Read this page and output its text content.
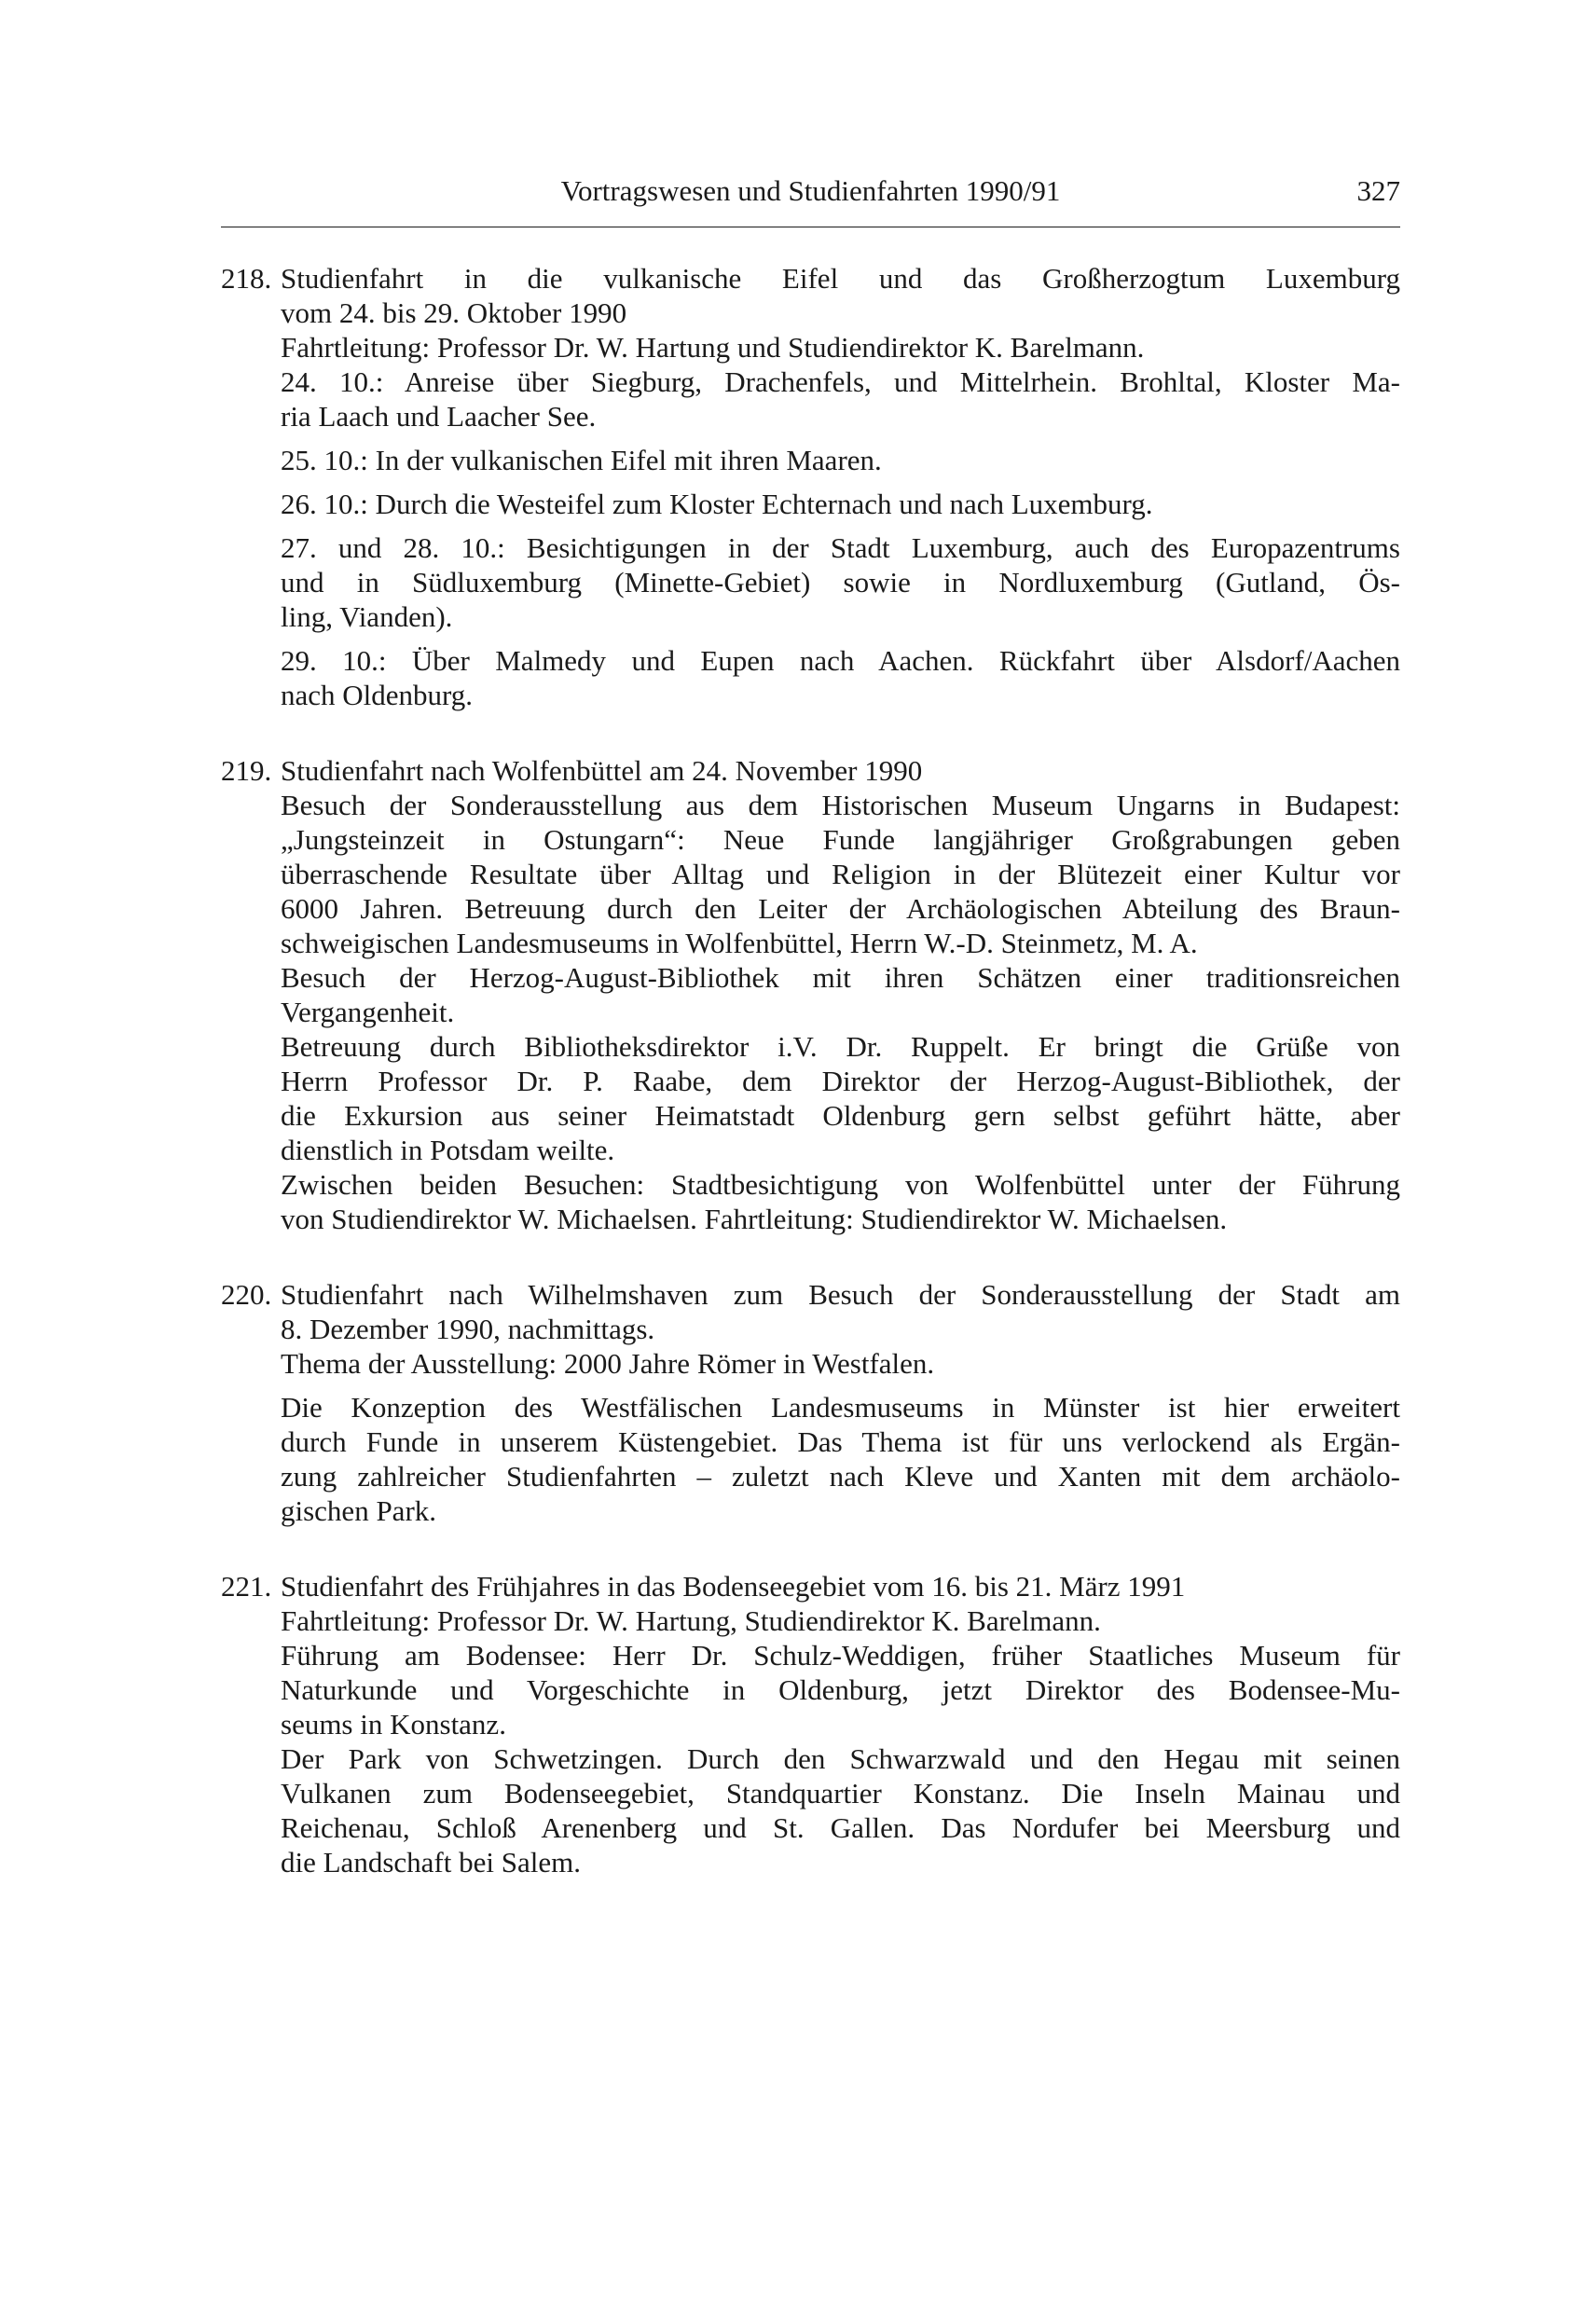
Vortragswesen und Studienfahrten 1990/91	327
218. Studienfahrt in die vulkanische Eifel und das Großherzogtum Luxemburg

vom 24. bis 29. Oktober 1990

Fahrtleitung: Professor Dr. W. Hartung und Studiendirektor K. Barelmann.

24. 10.: Anreise über Siegburg, Drachenfels, und Mittelrhein. Brohltal, Kloster Ma-

ria Laach und Laacher See.

25. 10.: In der vulkanischen Eifel mit ihren Maaren.

26. 10.: Durch die Westeifel zum Kloster Echternach und nach Luxemburg.

27. und 28. 10.: Besichtigungen in der Stadt Luxemburg, auch des Europazentrums

und in Südluxemburg (Minette-Gebiet) sowie in Nordluxemburg (Gutland, Ös-

ling, Vianden).

29. 10.: Über Malmedy und Eupen nach Aachen. Rückfahrt über Alsdorf/Aachen

nach Oldenburg.

219. Studienfahrt nach Wolfenbüttel am 24. November 1990

Besuch der Sonderausstellung aus dem Historischen Museum Ungarns in Budapest:

„Jungsteinzeit in Ostungarn“: Neue Funde langjähriger Großgrabungen geben

überraschende Resultate über Alltag und Religion in der Blütezeit einer Kultur vor

6000 Jahren. Betreuung durch den Leiter der Archäologischen Abteilung des Braun-

schweigischen Landesmuseums in Wolfenbüttel, Herrn W.-D. Steinmetz, M. A.

Besuch der Herzog-August-Bibliothek mit ihren Schätzen einer traditionsreichen

Vergangenheit.

Betreuung durch Bibliotheksdirektor i.V. Dr. Ruppelt. Er bringt die Grüße von

Herrn Professor Dr. P. Raabe, dem Direktor der Herzog-August-Bibliothek, der

die Exkursion aus seiner Heimatstadt Oldenburg gern selbst geführt hätte, aber

dienstlich in Potsdam weilte.

Zwischen beiden Besuchen: Stadtbesichtigung von Wolfenbüttel unter der Führung

von Studiendirektor W. Michaelsen. Fahrtleitung: Studiendirektor W. Michaelsen.

220. Studienfahrt nach Wilhelmshaven zum Besuch der Sonderausstellung der Stadt am

8. Dezember 1990, nachmittags.

Thema der Ausstellung: 2000 Jahre Römer in Westfalen.

Die Konzeption des Westfälischen Landesmuseums in Münster ist hier erweitert

durch Funde in unserem Küstengebiet. Das Thema ist für uns verlockend als Ergän-

zung zahlreicher Studienfahrten – zuletzt nach Kleve und Xanten mit dem archäolo-

gischen Park.

221. Studienfahrt des Frühjahres in das Bodenseegebiet vom 16. bis 21. März 1991

Fahrtleitung: Professor Dr. W. Hartung, Studiendirektor K. Barelmann.

Führung am Bodensee: Herr Dr. Schulz-Weddigen, früher Staatliches Museum für

Naturkunde und Vorgeschichte in Oldenburg, jetzt Direktor des Bodensee-Mu-

seums in Konstanz.

Der Park von Schwetzingen. Durch den Schwarzwald und den Hegau mit seinen

Vulkanen zum Bodenseegebiet, Standquartier Konstanz. Die Inseln Mainau und

Reichenau, Schloß Arenenberg und St. Gallen. Das Nordufer bei Meersburg und

die Landschaft bei Salem.
